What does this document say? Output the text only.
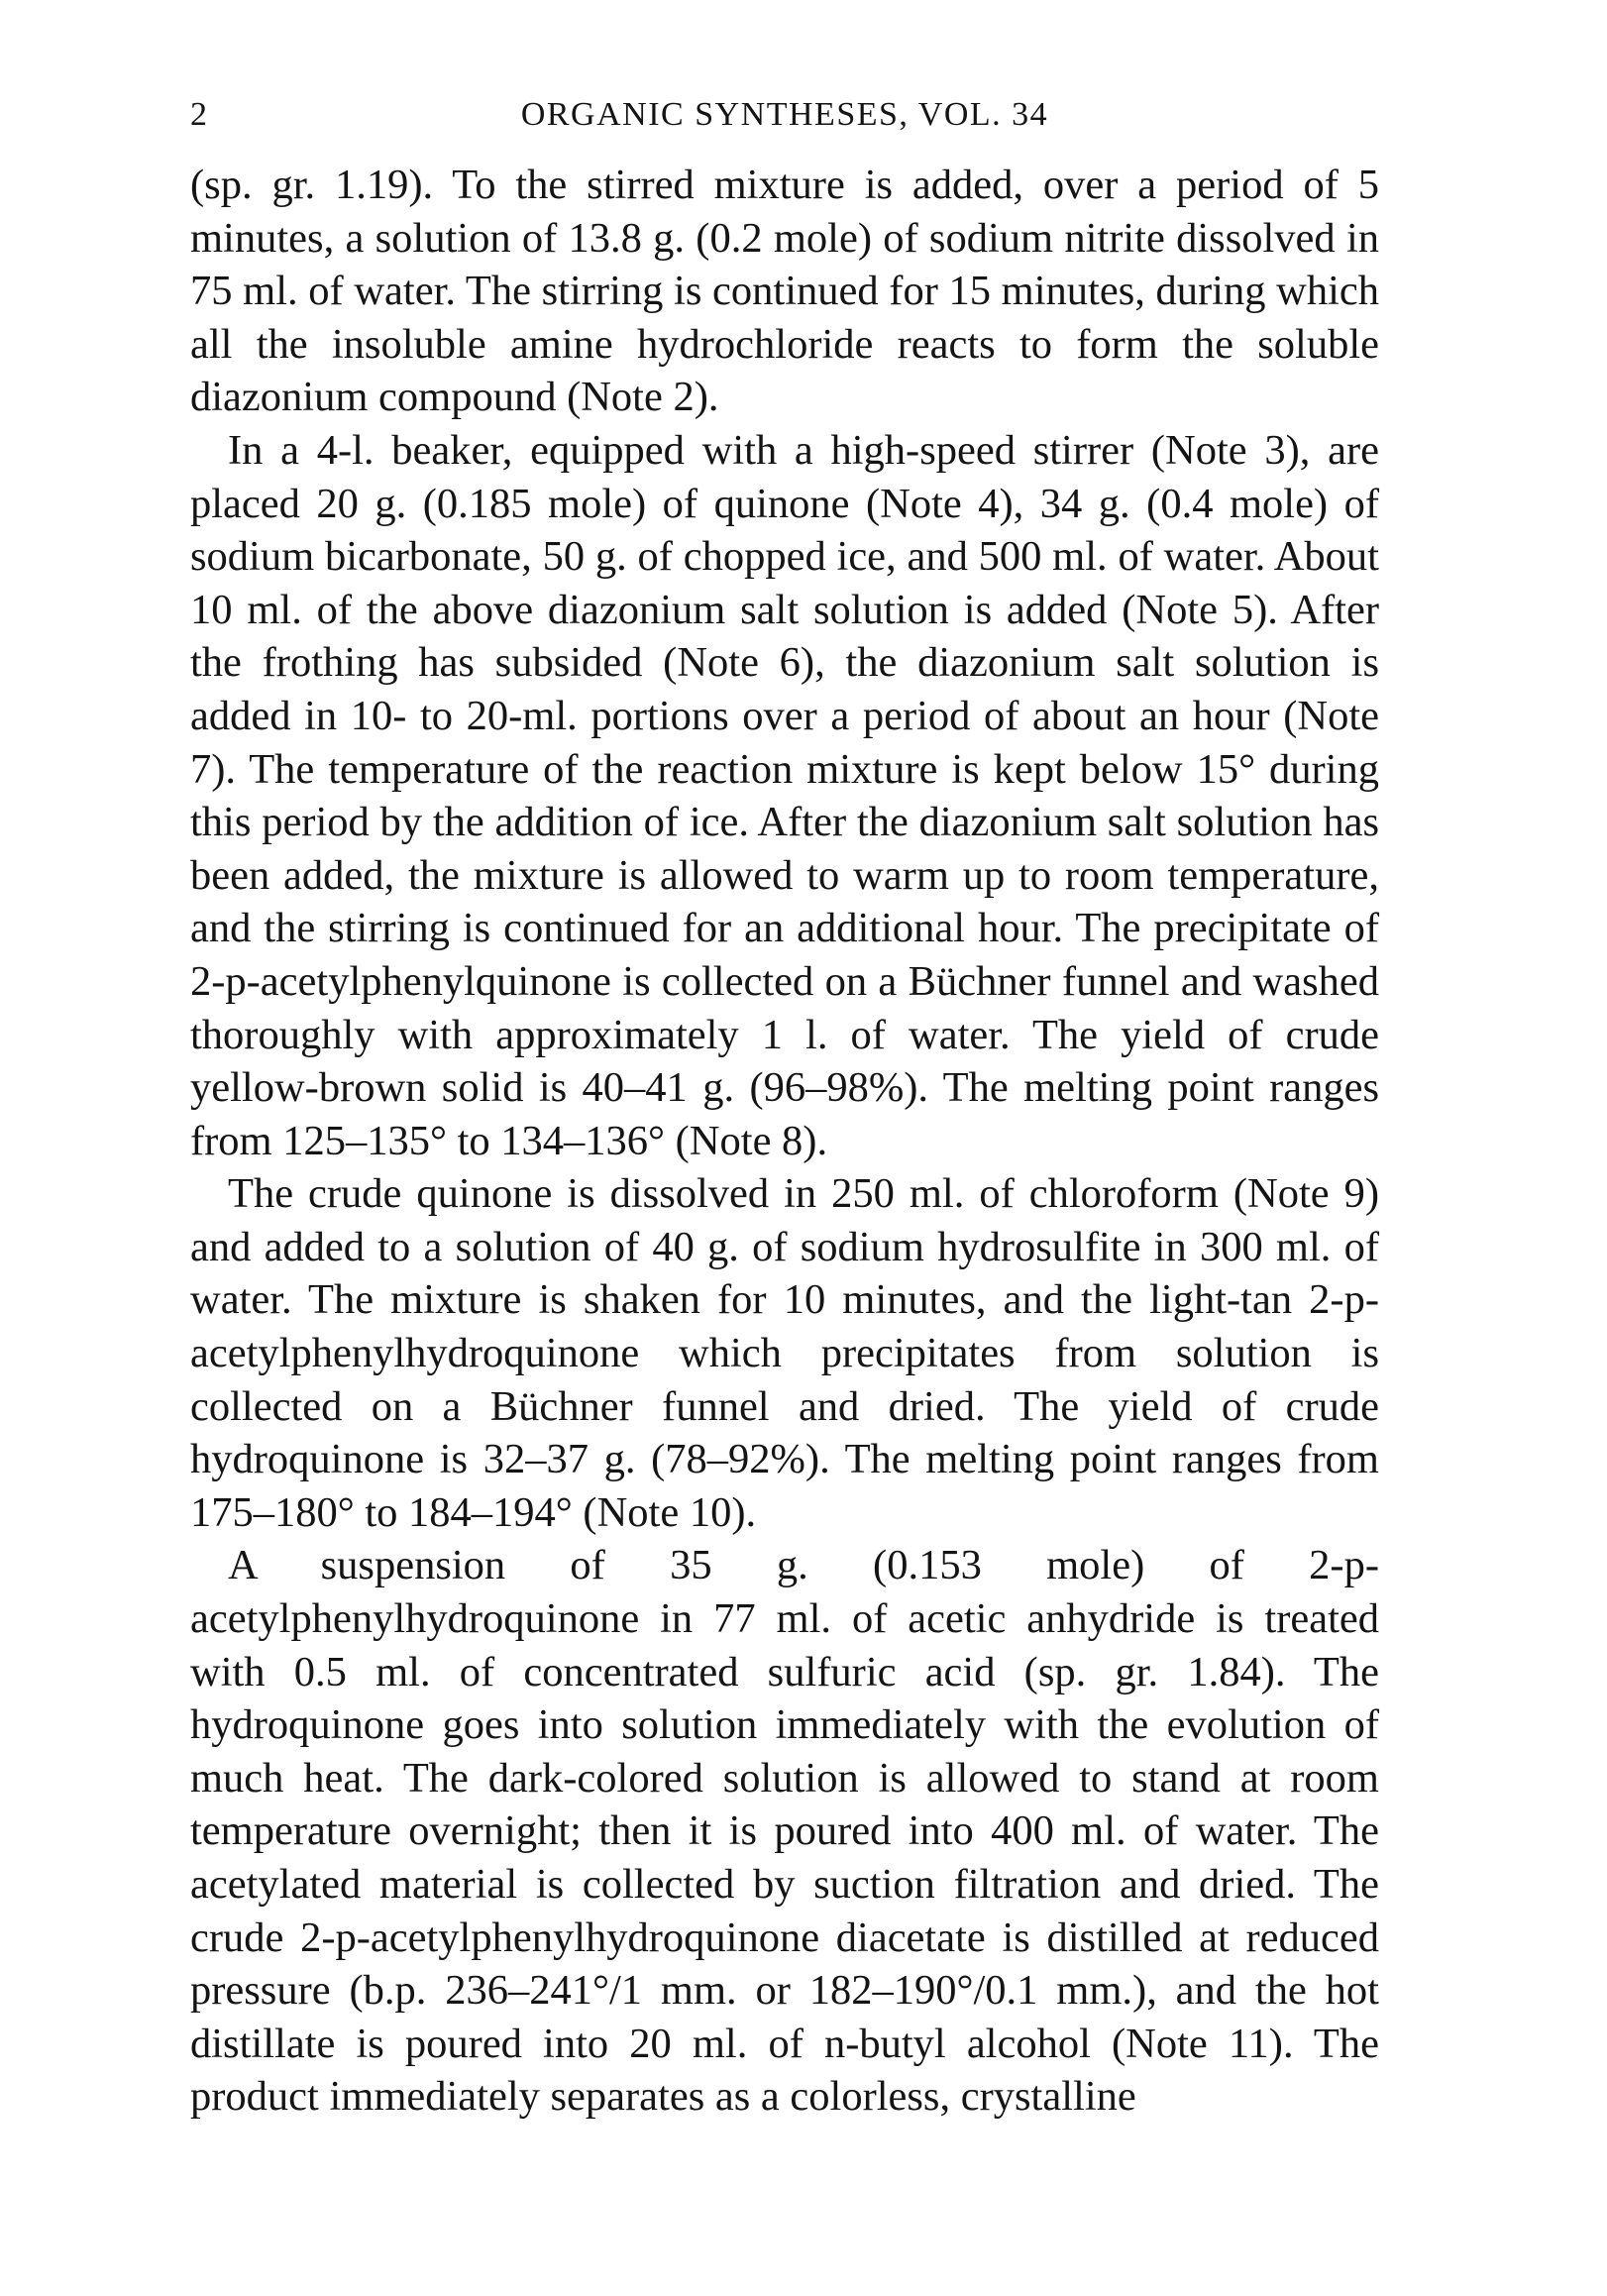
2	ORGANIC SYNTHESES, VOL. 34

(sp. gr. 1.19). To the stirred mixture is added, over a period of 5 minutes, a solution of 13.8 g. (0.2 mole) of sodium nitrite dissolved in 75 ml. of water. The stirring is continued for 15 minutes, during which all the insoluble amine hydrochloride reacts to form the soluble diazonium compound (Note 2).

In a 4-l. beaker, equipped with a high-speed stirrer (Note 3), are placed 20 g. (0.185 mole) of quinone (Note 4), 34 g. (0.4 mole) of sodium bicarbonate, 50 g. of chopped ice, and 500 ml. of water. About 10 ml. of the above diazonium salt solution is added (Note 5). After the frothing has subsided (Note 6), the diazonium salt solution is added in 10- to 20-ml. portions over a period of about an hour (Note 7). The temperature of the reaction mixture is kept below 15° during this period by the addition of ice. After the diazonium salt solution has been added, the mixture is allowed to warm up to room temperature, and the stirring is continued for an additional hour. The precipitate of 2-p-acetylphenylquinone is collected on a Büchner funnel and washed thoroughly with approximately 1 l. of water. The yield of crude yellow-brown solid is 40–41 g. (96–98%). The melting point ranges from 125–135° to 134–136° (Note 8).

The crude quinone is dissolved in 250 ml. of chloroform (Note 9) and added to a solution of 40 g. of sodium hydrosulfite in 300 ml. of water. The mixture is shaken for 10 minutes, and the light-tan 2-p-acetylphenylhydroquinone which precipitates from solution is collected on a Büchner funnel and dried. The yield of crude hydroquinone is 32–37 g. (78–92%). The melting point ranges from 175–180° to 184–194° (Note 10).

A suspension of 35 g. (0.153 mole) of 2-p-acetylphenylhydroquinone in 77 ml. of acetic anhydride is treated with 0.5 ml. of concentrated sulfuric acid (sp. gr. 1.84). The hydroquinone goes into solution immediately with the evolution of much heat. The dark-colored solution is allowed to stand at room temperature overnight; then it is poured into 400 ml. of water. The acetylated material is collected by suction filtration and dried. The crude 2-p-acetylphenylhydroquinone diacetate is distilled at reduced pressure (b.p. 236–241°/1 mm. or 182–190°/0.1 mm.), and the hot distillate is poured into 20 ml. of n-butyl alcohol (Note 11). The product immediately separates as a colorless, crystalline
